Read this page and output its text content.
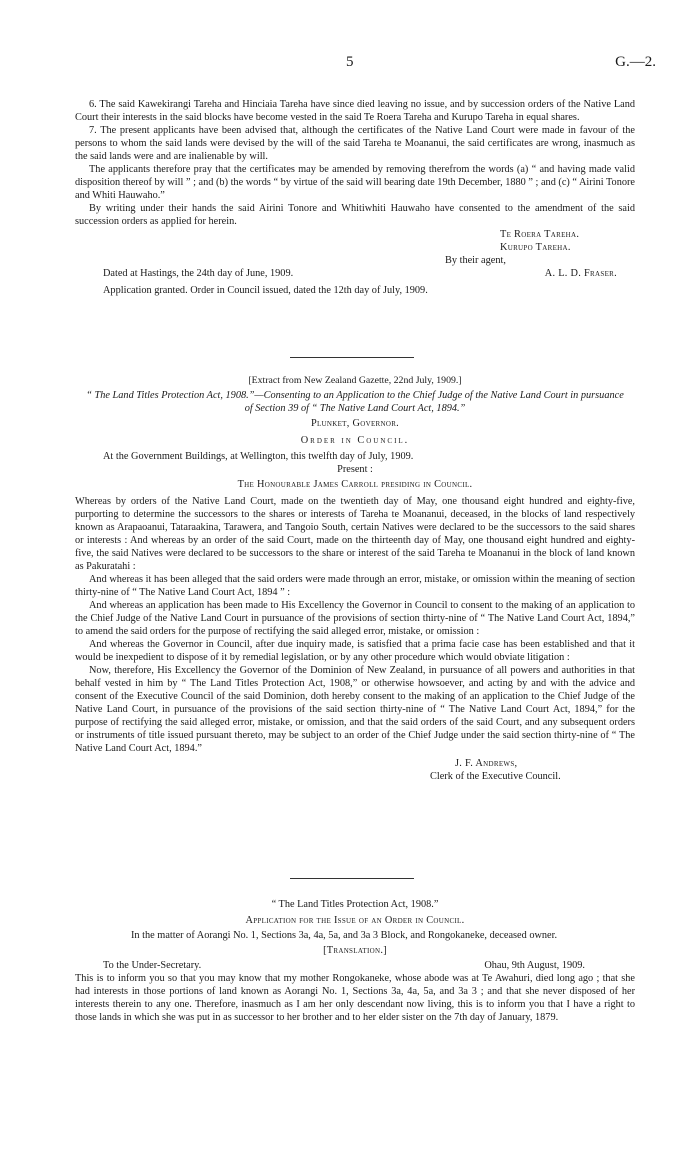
5	G.—2.

6. The said Kawekirangi Tareha and Hinciaia Tareha have since died leaving no issue, and by succession orders of the Native Land Court their interests in the said blocks have become vested in the said Te Roera Tareha and Kurupo Tareha in equal shares.

7. The present applicants have been advised that, although the certificates of the Native Land Court were made in favour of the persons to whom the said lands were devised by the will of the said Tareha te Moananui, the said certificates are wrong, inasmuch as the said lands were and are inalienable by will.

The applicants therefore pray that the certificates may be amended by removing therefrom the words (a) “ and having made valid disposition thereof by will ” ; and (b) the words “ by virtue of the said will bearing date 19th December, 1880 ” ; and (c) “ Airini Tonore and Whiti Hauwaho.”

By writing under their hands the said Airini Tonore and Whitiwhiti Hauwaho have consented to the amendment of the said succession orders as applied for herein.

Te Roera Tareha.
Kurupo Tareha.
By their agent,
Dated at Hastings, the 24th day of June, 1909.	A. L. D. Fraser.

Application granted. Order in Council issued, dated the 12th day of July, 1909.

[Extract from New Zealand Gazette, 22nd July, 1909.]

“ The Land Titles Protection Act, 1908.”—Consenting to an Application to the Chief Judge of the Native Land Court in pursuance of Section 39 of “ The Native Land Court Act, 1894.”

Plunket, Governor.
Order in Council.

At the Government Buildings, at Wellington, this twelfth day of July, 1909.

Present :
The Honourable James Carroll presiding in Council.

Whereas by orders of the Native Land Court, made on the twentieth day of May, one thousand eight hundred and eighty-five, purporting to determine the successors to the shares or interests of Tareha te Moananui, deceased, in the blocks of land respectively known as Arapaoanui, Tataraakina, Tarawera, and Tangoio South, certain Natives were declared to be the successors to the said shares or interests : And whereas by an order of the said Court, made on the thirteenth day of May, one thousand eight hundred and eighty-five, the said Natives were declared to be successors to the share or interest of the said Tareha te Moananui in the block of land known as Pakuratahi :

And whereas it has been alleged that the said orders were made through an error, mistake, or omission within the meaning of section thirty-nine of “ The Native Land Court Act, 1894 ” :

And whereas an application has been made to His Excellency the Governor in Council to consent to the making of an application to the Chief Judge of the Native Land Court in pursuance of the provisions of section thirty-nine of “ The Native Land Court Act, 1894,” to amend the said orders for the purpose of rectifying the said alleged error, mistake, or omission :

And whereas the Governor in Council, after due inquiry made, is satisfied that a prima facie case has been established and that it would be inexpedient to dispose of it by remedial legislation, or by any other procedure which would obviate litigation :

Now, therefore, His Excellency the Governor of the Dominion of New Zealand, in pursuance of all powers and authorities in that behalf vested in him by “ The Land Titles Protection Act, 1908,” or otherwise howsoever, and acting by and with the advice and consent of the Executive Council of the said Dominion, doth hereby consent to the making of an application to the Chief Judge of the Native Land Court, in pursuance of the provisions of the said section thirty-nine of “ The Native Land Court Act, 1894,” for the purpose of rectifying the said alleged error, mistake, or omission, and that the said orders of the said Court, and any subsequent orders or instruments of title issued pursuant thereto, may be subject to an order of the Chief Judge under the said section thirty-nine of “ The Native Land Court Act, 1894.”

J. F. Andrews,
Clerk of the Executive Council.
“ The Land Titles Protection Act, 1908.”
Application for the Issue of an Order in Council.

In the matter of Aorangi No. 1, Sections 3a, 4a, 5a, and 3a 3 Block, and Rongokaneke, deceased owner.

[Translation.]
To the Under-Secretary.	Ohau, 9th August, 1909.

This is to inform you so that you may know that my mother Rongokaneke, whose abode was at Te Awahuri, died long ago ; that she had interests in those portions of land known as Aorangi No. 1, Sections 3a, 4a, 5a, and 3a 3 ; and that she never disposed of her interests therein to any one. Therefore, inasmuch as I am her only descendant now living, this is to inform you that I have a right to those lands in which she was put in as successor to her brother and to her elder sister on the 7th day of January, 1879.
